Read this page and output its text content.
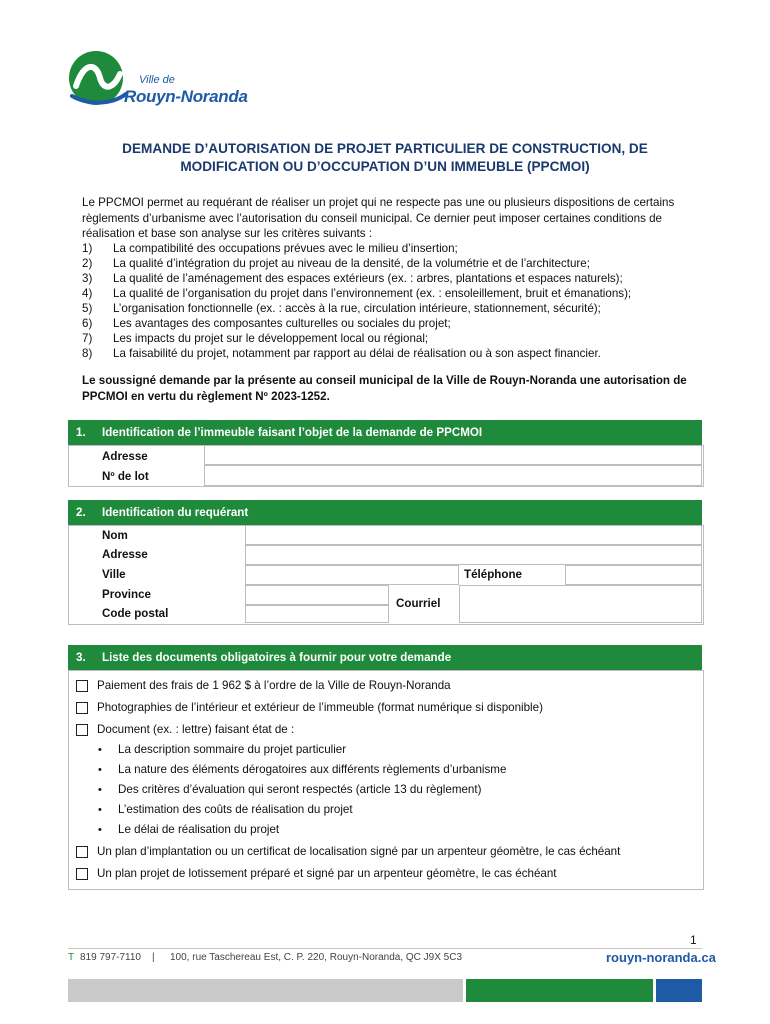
Ville de
Rouyn-Noranda
DEMANDE D’AUTORISATION DE PROJET PARTICULIER DE CONSTRUCTION, DE
MODIFICATION OU D’OCCUPATION D’UN IMMEUBLE (PPCMOI)
Le PPCMOI permet au requérant de réaliser un projet qui ne respecte pas une ou plusieurs dispositions de certains règlements d’urbanisme avec l’autorisation du conseil municipal. Ce dernier peut imposer certaines conditions de réalisation et base son analyse sur les critères suivants :
1) La compatibilité des occupations prévues avec le milieu d’insertion;
2) La qualité d’intégration du projet au niveau de la densité, de la volumétrie et de l’architecture;
3) La qualité de l’aménagement des espaces extérieurs (ex. : arbres, plantations et espaces naturels);
4) La qualité de l’organisation du projet dans l’environnement (ex. : ensoleillement, bruit et émanations);
5) L’organisation fonctionnelle (ex. : accès à la rue, circulation intérieure, stationnement, sécurité);
6) Les avantages des composantes culturelles ou sociales du projet;
7) Les impacts du projet sur le développement local ou régional;
8) La faisabilité du projet, notamment par rapport au délai de réalisation ou à son aspect financier.
Le soussigné demande par la présente au conseil municipal de la Ville de Rouyn-Noranda une autorisation de PPCMOI en vertu du règlement Nº 2023-1252.
1. Identification de l’immeuble faisant l’objet de la demande de PPCMOI
Adresse
Nº de lot
2. Identification du requérant
Nom
Adresse
Ville	Téléphone
Province
Courriel
Code postal
3. Liste des documents obligatoires à fournir pour votre demande
Paiement des frais de 1 962 $ à l’ordre de la Ville de Rouyn-Noranda
Photographies de l’intérieur et extérieur de l’immeuble (format numérique si disponible)
Document (ex. : lettre) faisant état de :
• La description sommaire du projet particulier
• La nature des éléments dérogatoires aux différents règlements d’urbanisme
• Des critères d’évaluation qui seront respectés (article 13 du règlement)
• L’estimation des coûts de réalisation du projet
• Le délai de réalisation du projet
Un plan d’implantation ou un certificat de localisation signé par un arpenteur géomètre, le cas échéant
Un plan projet de lotissement préparé et signé par un arpenteur géomètre, le cas échéant
1
T 819 797-7110 | 100, rue Taschereau Est, C. P. 220, Rouyn-Noranda, QC J9X 5C3	rouyn-noranda.ca
